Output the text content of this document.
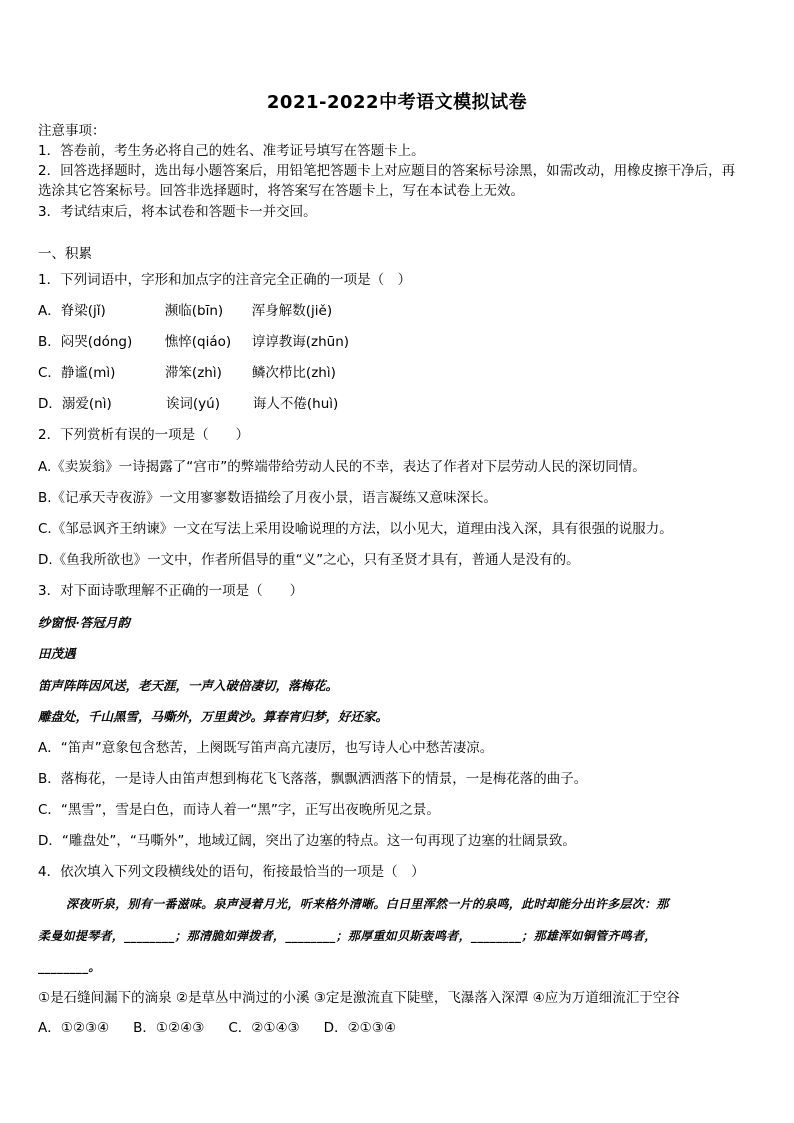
2021-2022中考语文模拟试卷
注意事项：
1．答卷前，考生务必将自己的姓名、准考证号填写在答题卡上。
2．回答选择题时，选出每小题答案后，用铅笔把答题卡上对应题目的答案标号涂黑，如需改动，用橡皮擦干净后，再
选涂其它答案标号。回答非选择题时，将答案写在答题卡上，写在本试卷上无效。
3．考试结束后，将本试卷和答题卡一并交回。
一、积累
1．下列词语中，字形和加点字的注音完全正确的一项是（　）
A．脊梁(jǐ)	濒临(bīn) 浑身解数(jiě)
B．闷哭(dóng) 憔悴(qiáo) 谆谆教诲(zhūn)
C．静谧(mì)	滞笨(zhì) 鳞次栉比(zhì)
D．溺爱(nì)	诶词(yú) 诲人不倦(huì)
2．下列赏析有误的一项是（　　）
A.《卖炭翁》一诗揭露了“宫市”的弊端带给劳动人民的不幸，表达了作者对下层劳动人民的深切同情。
B.《记承天寺夜游》一文用寥寥数语描绘了月夜小景，语言凝练又意味深长。
C.《邹忌讽齐王纳谏》一文在写法上采用设喻说理的方法，以小见大，道理由浅入深，具有很强的说服力。
D.《鱼我所欲也》一文中，作者所倡导的重“义”之心，只有圣贤才具有，普通人是没有的。
3．对下面诗歌理解不正确的一项是（　　）
纱窗恨·答冠月韵
田茂遇
笛声阵阵因风送，老天涯，一声入破倍凄切，落梅花。
雕盘处，千山黑雪，马嘶外，万里黄沙。算春宵归梦，好还家。
A．“笛声”意象包含愁苦，上阕既写笛声高亢凄厉，也写诗人心中愁苦凄凉。
B．落梅花，一是诗人由笛声想到梅花飞飞落落，飘飘洒洒落下的情景，一是梅花落的曲子。
C．“黑雪”，雪是白色，而诗人着一“黑”字，正写出夜晚所见之景。
D．“雕盘处”，“马嘶外”，地域辽阔，突出了边塞的特点。这一句再现了边塞的壮阔景致。
4．依次填入下列文段横线处的语句，衔接最恰当的一项是（　）
深夜听泉，别有一番滋味。泉声浸着月光，听来格外清晰。白日里浑然一片的泉鸣，此时却能分出许多层次：那
柔曼如提琴者，________；那清脆如弹拨者，________；那厚重如贝斯轰鸣者，________；那雄浑如铜管齐鸣者，
________。
①是石缝间漏下的滴泉 ②是草丛中淌过的小溪 ③定是激流直下陡壁，飞瀑落入深潭 ④应为万道细流汇于空谷
A．①②③④ B．①②④③ C．②①④③ D．②①③④
